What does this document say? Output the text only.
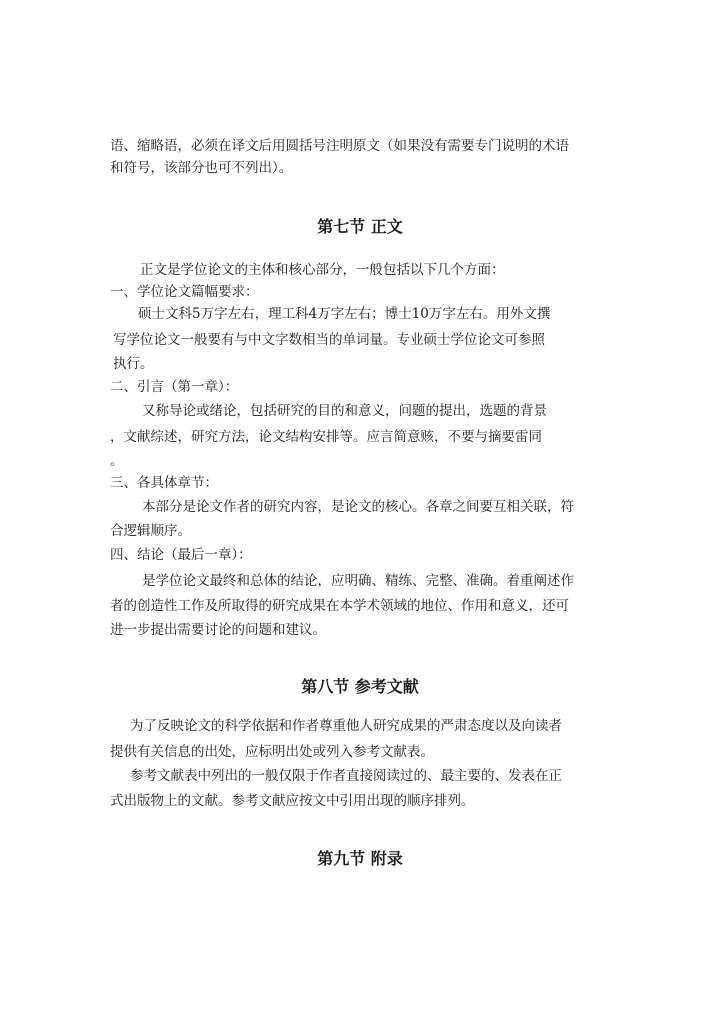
语、缩略语，必须在译文后用圆括号注明原文（如果没有需要专门说明的术语

和符号，该部分也可不列出）。

第七节 正文

正文是学位论文的主体和核心部分，一般包括以下几个方面：

一、学位论文篇幅要求：

硕士文科5万字左右，理工科4万字左右；博士10万字左右。用外文撰

写学位论文一般要有与中文字数相当的单词量。专业硕士学位论文可参照

执行。

二、引言（第一章）：

又称导论或绪论，包括研究的目的和意义，问题的提出，选题的背景

，文献综述，研究方法，论文结构安排等。应言简意赅，不要与摘要雷同

。

三、各具体章节：

本部分是论文作者的研究内容，是论文的核心。各章之间要互相关联，符

合逻辑顺序。

四、结论（最后一章）：

是学位论文最终和总体的结论，应明确、精练、完整、准确。着重阐述作

者的创造性工作及所取得的研究成果在本学术领域的地位、作用和意义，还可

进一步提出需要讨论的问题和建议。

第八节 参考文献

为了反映论文的科学依据和作者尊重他人研究成果的严肃态度以及向读者

提供有关信息的出处，应标明出处或列入参考文献表。

参考文献表中列出的一般仅限于作者直接阅读过的、最主要的、发表在正

式出版物上的文献。参考文献应按文中引用出现的顺序排列。

第九节 附录
